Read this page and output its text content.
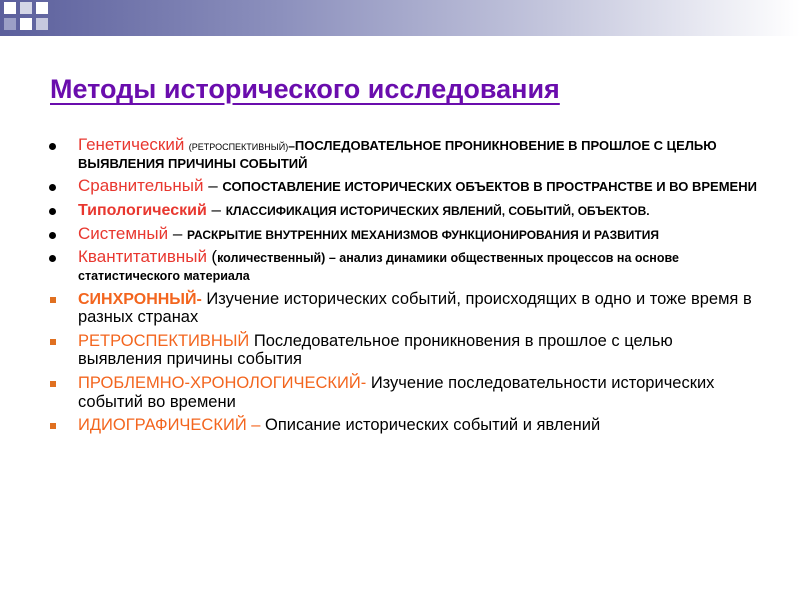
Методы исторического исследования
Генетический (РЕТРОСПЕКТИВНЫЙ)–ПОСЛЕДОВАТЕЛЬНОЕ ПРОНИКНОВЕНИЕ В ПРОШЛОЕ С ЦЕЛЬЮ ВЫЯВЛЕНИЯ ПРИЧИНЫ СОБЫТИЙ
Сравнительный – СОПОСТАВЛЕНИЕ ИСТОРИЧЕСКИХ ОБЪЕКТОВ В ПРОСТРАНСТВЕ И ВО ВРЕМЕНИ
Типологический – КЛАССИФИКАЦИЯ ИСТОРИЧЕСКИХ ЯВЛЕНИЙ, СОБЫТИЙ, ОБЪЕКТОВ.
Системный – РАСКРЫТИЕ ВНУТРЕННИХ МЕХАНИЗМОВ ФУНКЦИОНИРОВАНИЯ И РАЗВИТИЯ
Квантитативный (количественный) – анализ динамики общественных процессов на основе статистического материала
СИНХРОННЫЙ- Изучение исторических событий, происходящих в одно и тоже время в разных странах
РЕТРОСПЕКТИВНЫЙ Последовательное проникновения в прошлое с целью выявления причины события
ПРОБЛЕМНО-ХРОНОЛОГИЧЕСКИЙ- Изучение последовательности исторических событий во времени
ИДИОГРАФИЧЕСКИЙ – Описание исторических событий и явлений
